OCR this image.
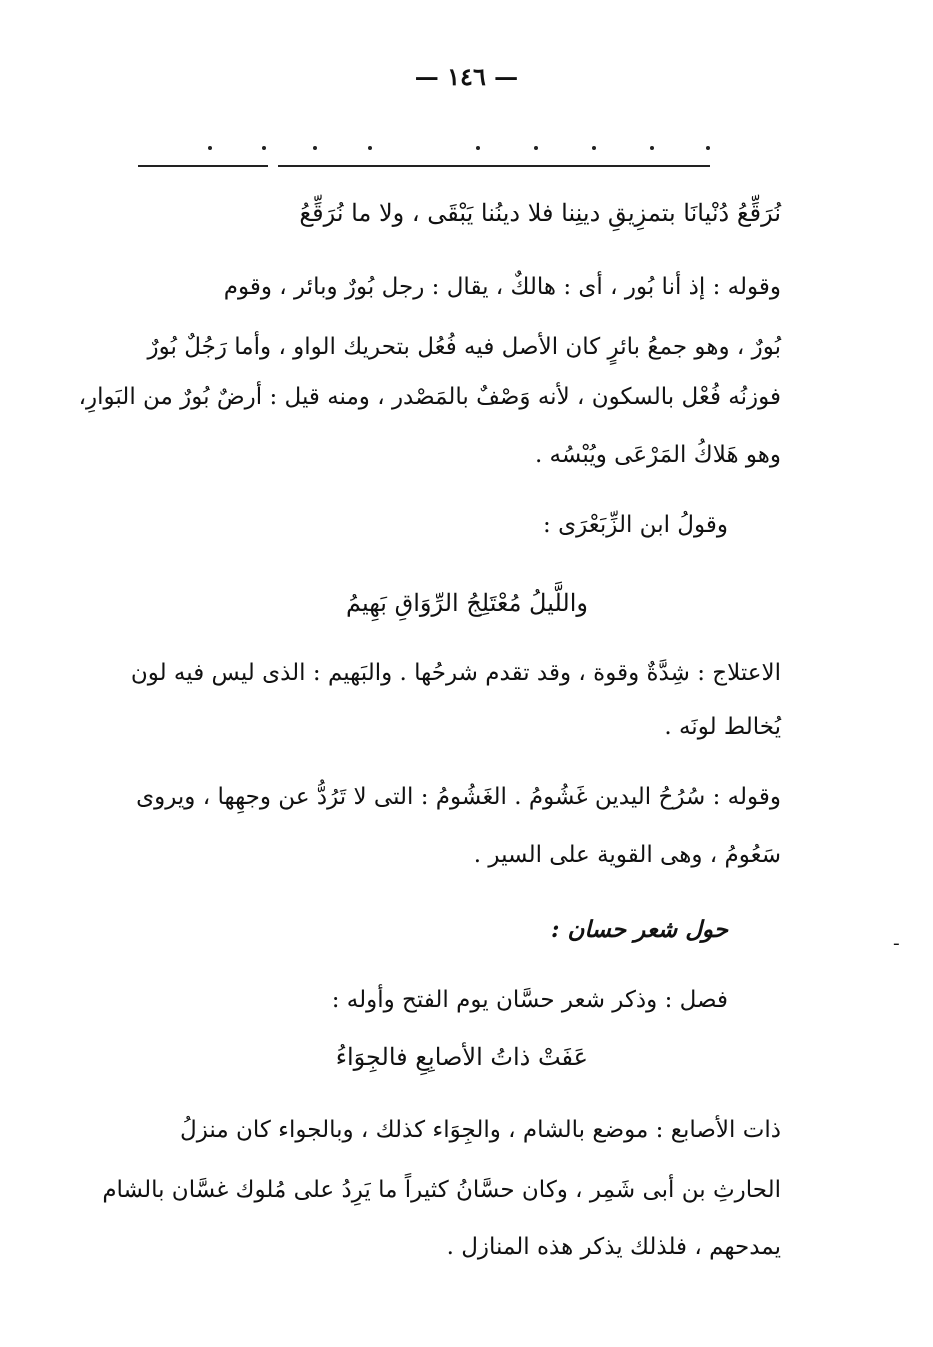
— ١٤٦ —
نُرَقِّعُ دُنْيانَا بتمزِيقِ دينِنا فلا دينُنا يَبْقَى ، ولا ما نُرَقِّعُ
وقوله : إذ أنا بُور ، أى : هالكٌ ، يقال : رجل بُورٌ وبائر ، وقوم
بُورٌ ، وهو جمعُ بائرٍ كان الأصل فيه فُعُل بتحريك الواو ، وأما رَجُلٌ بُورٌ
فوزنُه فُعْل بالسكون ، لأنه وَصْفٌ بالمَصْدر ، ومنه قيل : أرضٌ بُورٌ من البَوارِ،
وهو هَلاكُ المَرْعَى ويُبْسُه .
وقولُ ابن الزِّبَعْرَى :
واللَّيلُ مُعْتَلِجُ الرِّوَاقِ بَهِيمُ
الاعتلاج : شِدَّةٌ وقوة ، وقد تقدم شرحُها . والبَهيم : الذى ليس فيه لون
يُخالط لونَه .
وقوله : سُرُحُ اليدين غَشُومُ . الغَشُومُ : التى لا تَرُدُّ عن وجهِها ، ويروى
سَعُومُ ، وهى القوية على السير .
حول شعر حسان :
فصل : وذكر شعر حسَّان يوم الفتح وأوله :
عَفَتْ ذاتُ الأصابِعِ فالجِوَاءُ
ذات الأصابع : موضع بالشام ، والجِوَاء كذلك ، وبالجواء كان منزلُ
الحارثِ بن أبى شَمِر ، وكان حسَّانُ كثيراً ما يَرِدُ على مُلوك غسَّان بالشام
يمدحهم ، فلذلك يذكر هذه المنازل .
ـ
